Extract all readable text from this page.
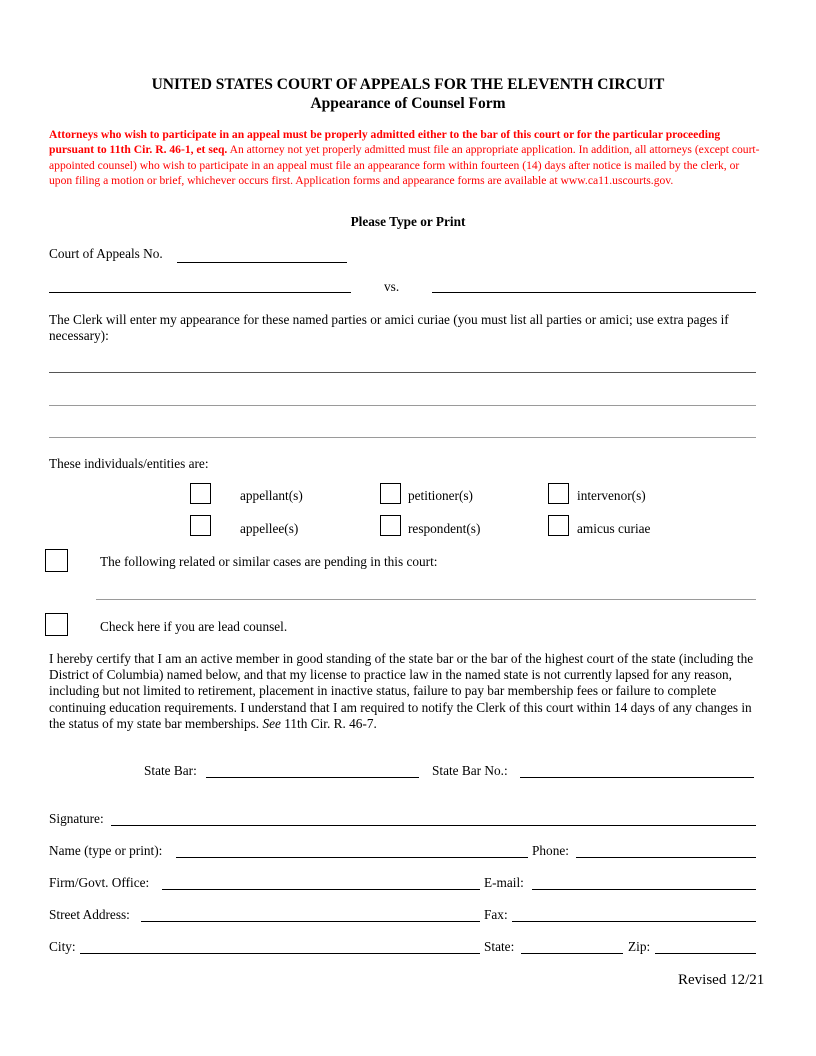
UNITED STATES COURT OF APPEALS FOR THE ELEVENTH CIRCUIT
Appearance of Counsel Form
Attorneys who wish to participate in an appeal must be properly admitted either to the bar of this court or for the particular proceeding pursuant to 11th Cir. R. 46-1, et seq. An attorney not yet properly admitted must file an appropriate application. In addition, all attorneys (except court-appointed counsel) who wish to participate in an appeal must file an appearance form within fourteen (14) days after notice is mailed by the clerk, or upon filing a motion or brief, whichever occurs first. Application forms and appearance forms are available at www.ca11.uscourts.gov.
Please Type or Print
Court of Appeals No.
vs.
The Clerk will enter my appearance for these named parties or amici curiae (you must list all parties or amici; use extra pages if necessary):
These individuals/entities are:
appellant(s)	petitioner(s)	intervenor(s)
appellee(s)	respondent(s)	amicus curiae
The following related or similar cases are pending in this court:
Check here if you are lead counsel.
I hereby certify that I am an active member in good standing of the state bar or the bar of the highest court of the state (including the District of Columbia) named below, and that my license to practice law in the named state is not currently lapsed for any reason, including but not limited to retirement, placement in inactive status, failure to pay bar membership fees or failure to complete continuing education requirements. I understand that I am required to notify the Clerk of this court within 14 days of any changes in the status of my state bar memberships. See 11th Cir. R. 46-7.
State Bar:	State Bar No.:
Signature:
Name (type or print):	Phone:
Firm/Govt. Office:	E-mail:
Street Address:	Fax:
City:	State:	Zip:
Revised 12/21
